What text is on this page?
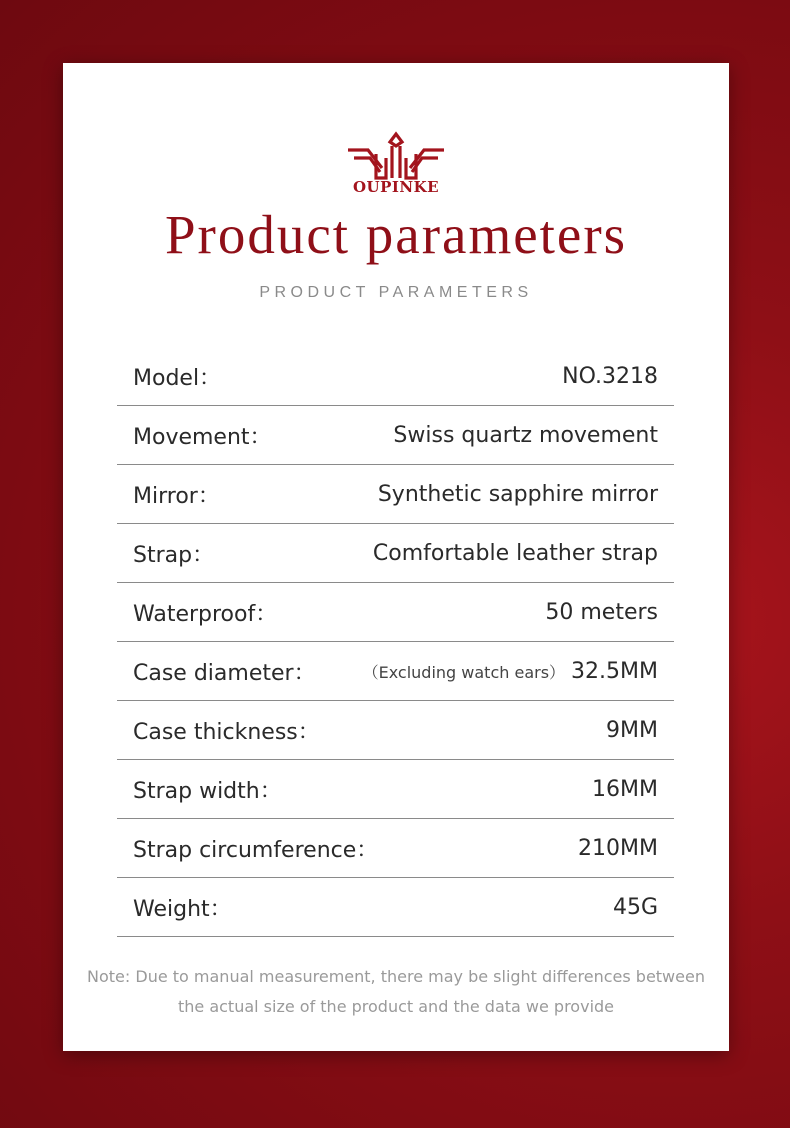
OUPINKE
Product parameters
PRODUCT PARAMETERS
Model：	NO.3218
Movement：	Swiss quartz movement
Mirror：	Synthetic sapphire mirror
Strap：	Comfortable leather strap
Waterproof：	50 meters
Case diameter：	（Excluding watch ears） 32.5MM
Case thickness：	9MM
Strap width：	16MM
Strap circumference：	210MM
Weight：	45G
Note: Due to manual measurement, there may be slight differences between
the actual size of the product and the data we provide
